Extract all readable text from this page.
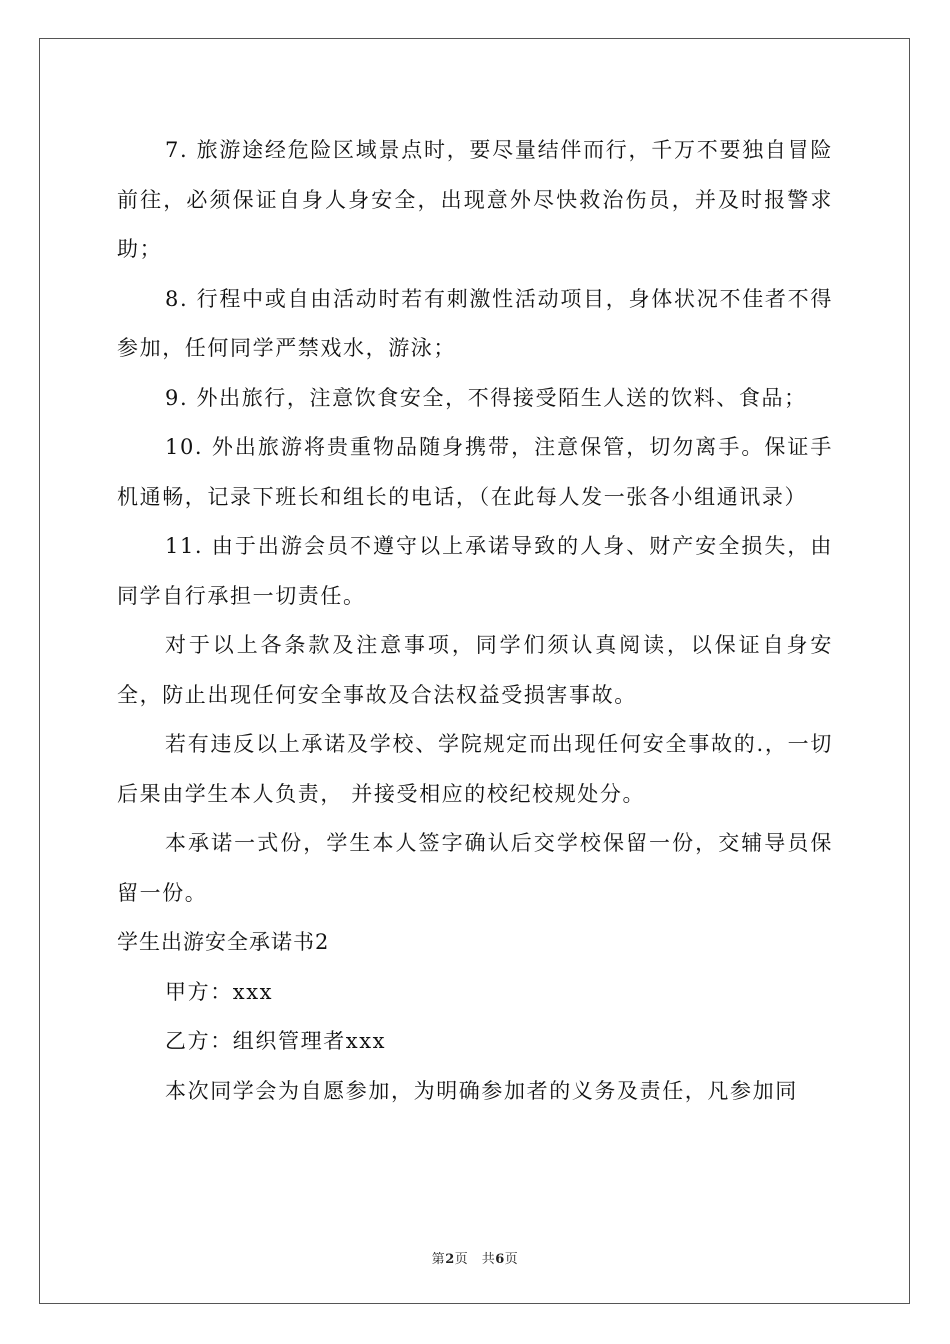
7. 旅游途经危险区域景点时，要尽量结伴而行，千万不要独自冒险前往，必须保证自身人身安全，出现意外尽快救治伤员，并及时报警求助；

8. 行程中或自由活动时若有刺激性活动项目，身体状况不佳者不得参加，任何同学严禁戏水，游泳；

9. 外出旅行，注意饮食安全，不得接受陌生人送的饮料、食品；

10. 外出旅游将贵重物品随身携带，注意保管，切勿离手。保证手机通畅，记录下班长和组长的电话，（在此每人发一张各小组通讯录）

11. 由于出游会员不遵守以上承诺导致的人身、财产安全损失，由同学自行承担一切责任。

对于以上各条款及注意事项，同学们须认真阅读，以保证自身安全，防止出现任何安全事故及合法权益受损害事故。

若有违反以上承诺及学校、学院规定而出现任何安全事故的.，一切后果由学生本人负责， 并接受相应的校纪校规处分。

本承诺一式份，学生本人签字确认后交学校保留一份，交辅导员保留一份。

学生出游安全承诺书2

甲方：xxx

乙方：组织管理者xxx

本次同学会为自愿参加，为明确参加者的义务及责任，凡参加同

第2页　共6页
